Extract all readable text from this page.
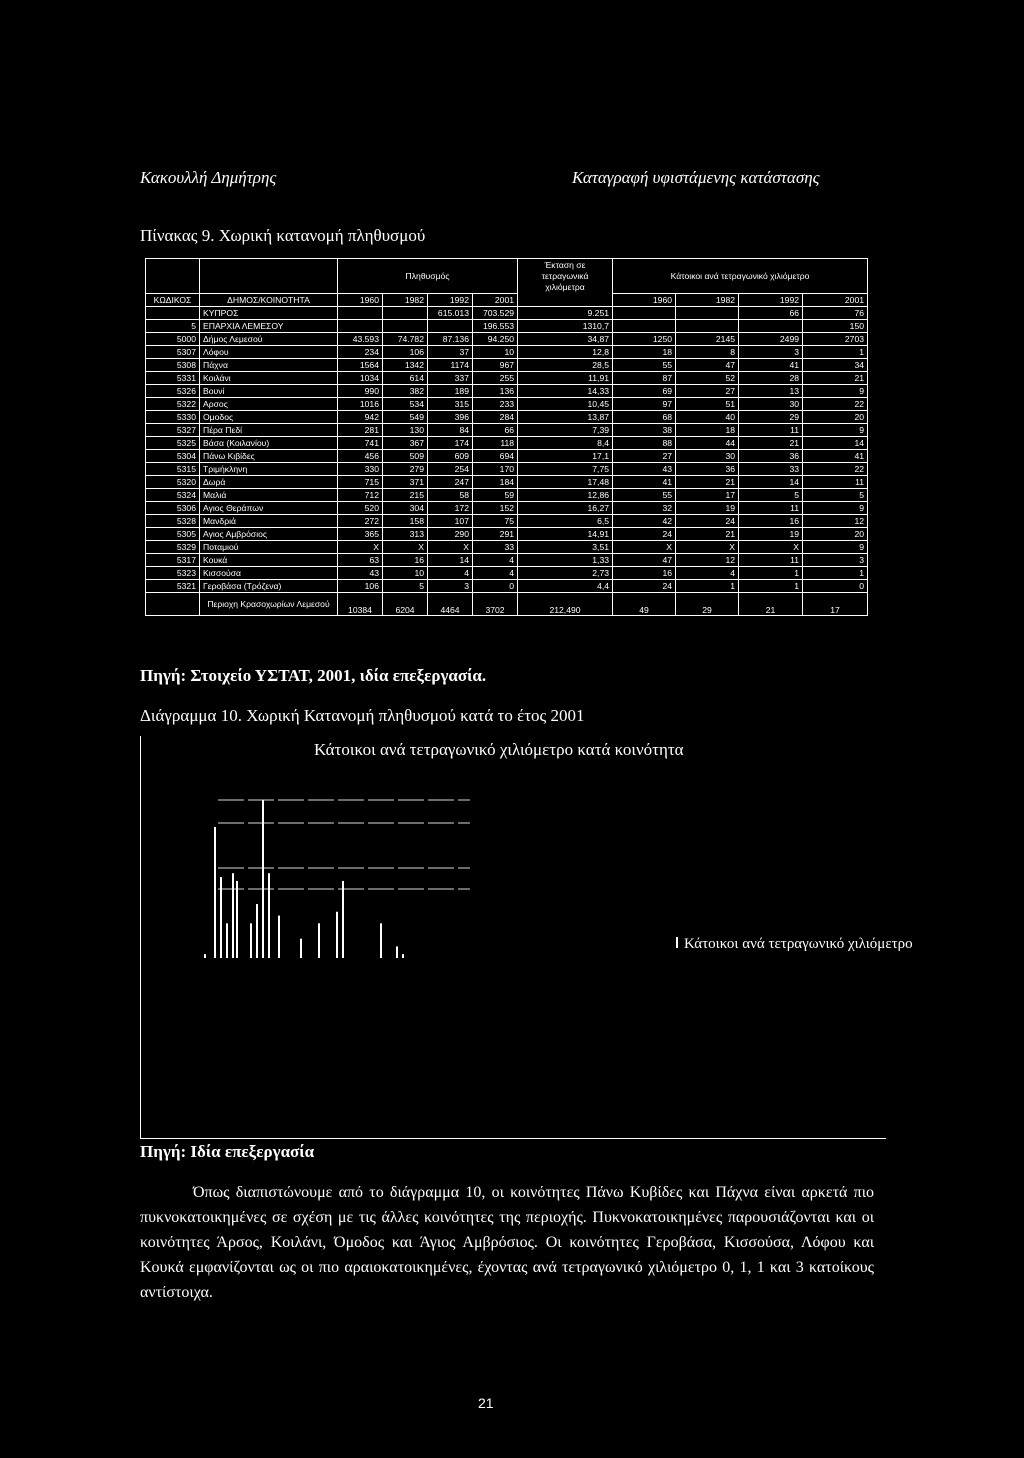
Κακουλλή Δημήτρης	Καταγραφή υφιστάμενης κατάστασης
Πίνακας 9. Χωρική κατανομή πληθυσμού
		Πληθυσμός				Έκταση σε τετραγωνικά χιλιόμετρα	Κάτοικοι ανά τετραγωνικό χιλιόμετρο			
ΚΩΔΙΚΟΣ	ΔΗΜΟΣ/ΚΟΙΝΟΤΗΤΑ	1960	1982	1992	2001		1960	1982	1992	2001
	ΚΥΠΡΟΣ			615.013	703.529	9.251			66	76
5	ΕΠΑΡΧΙΑ ΛΕΜΕΣΟΥ				196.553	1310,7				150
5000	Δήμος Λεμεσού	43.593	74.782	87.136	94.250	34,87	1250	2145	2499	2703
5307	Λόφου	234	106	37	10	12,8	18	8	3	1
5308	Πάχνα	1564	1342	1174	967	28,5	55	47	41	34
5331	Κοιλάνι	1034	614	337	255	11,91	87	52	28	21
5326	Βουνί	990	382	189	136	14,33	69	27	13	9
5322	Αρσος	1016	534	315	233	10,45	97	51	30	22
5330	Ομοδος	942	549	396	284	13,87	68	40	29	20
5327	Πέρα Πεδί	281	130	84	66	7,39	38	18	11	9
5325	Βάσα (Κοιλανίου)	741	367	174	118	8,4	88	44	21	14
5304	Πάνω Κιβίδες	456	509	609	694	17,1	27	30	36	41
5315	Τριμήκληνη	330	279	254	170	7,75	43	36	33	22
5320	Δωρά	715	371	247	184	17,48	41	21	14	11
5324	Μαλιά	712	215	58	59	12,86	55	17	5	5
5306	Αγιος Θεράπων	520	304	172	152	16,27	32	19	11	9
5328	Μανδριά	272	158	107	75	6,5	42	24	16	12
5305	Αγιος Αμβρόσιος	365	313	290	291	14,91	24	21	19	20
5329	Ποταμιού	X	X	X	33	3,51	X	X	X	9
5317	Κουκά	63	16	14	4	1,33	47	12	11	3
5323	Κισσούσα	43	10	4	4	2,73	16	4	1	1
5321	Γεροβάσα (Τρόζενα)	106	5	3	0	4,4	24	1	1	0
	Περιοχη Κρασοχωρίων Λεμεσού	10384	6204	4464	3702	212,490	49	29	21	17
Πηγή: Στοιχείο ΥΣΤΑΤ, 2001, ιδία επεξεργασία.
Διάγραμμα 10. Χωρική Κατανομή πληθυσμού κατά το έτος 2001
Κάτοικοι ανά τετραγωνικό χιλιόμετρο κατά κοινότητα
Κάτοικοι ανά τετραγωνικό χιλιόμετρο
Πηγή: Ιδία επεξεργασία
Όπως διαπιστώνουμε από το διάγραμμα 10, οι κοινότητες Πάνω Κυβίδες και Πάχνα είναι αρκετά πιο πυκνοκατοικημένες σε σχέση με τις άλλες κοινότητες της περιοχής. Πυκνοκατοικημένες παρουσιάζονται και οι κοινότητες Άρσος, Κοιλάνι, Όμοδος και Άγιος Αμβρόσιος. Οι κοινότητες Γεροβάσα, Κισσούσα, Λόφου και Κουκά εμφανίζονται ως οι πιο αραιοκατοικημένες, έχοντας ανά τετραγωνικό χιλιόμετρο 0, 1, 1 και 3 κατοίκους αντίστοιχα.
21
